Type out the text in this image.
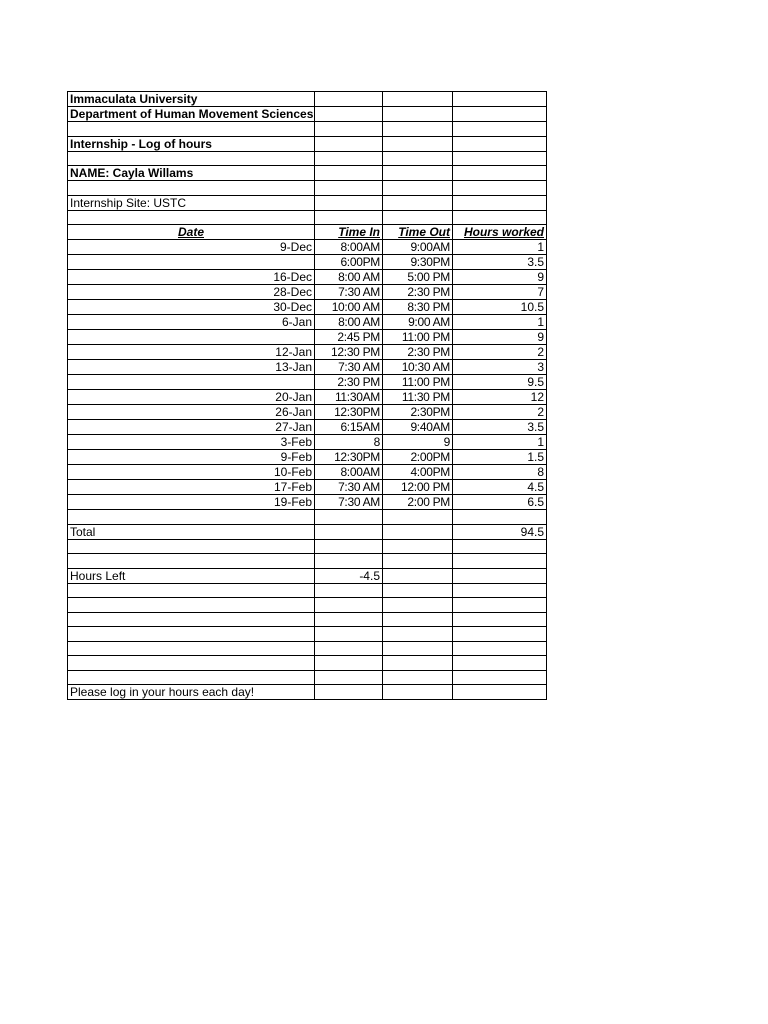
Immaculata University			
Department of Human Movement Sciences			

Internship - Log of hours			

NAME: Cayla Willams			

Internship Site: USTC			

Date	Time In	Time Out	Hours worked
9-Dec	8:00AM	9:00AM	1
	6:00PM	9:30PM	3.5
16-Dec	8:00 AM	5:00 PM	9
28-Dec	7:30 AM	2:30 PM	7
30-Dec	10:00 AM	8:30 PM	10.5
6-Jan	8:00 AM	9:00 AM	1
	2:45 PM	11:00 PM	9
12-Jan	12:30 PM	2:30 PM	2
13-Jan	7:30 AM	10:30 AM	3
	2:30 PM	11:00 PM	9.5
20-Jan	11:30AM	11:30 PM	12
26-Jan	12:30PM	2:30PM	2
27-Jan	6:15AM	9:40AM	3.5
3-Feb	8	9	1
9-Feb	12:30PM	2:00PM	1.5
10-Feb	8:00AM	4:00PM	8
17-Feb	7:30 AM	12:00 PM	4.5
19-Feb	7:30 AM	2:00 PM	6.5

Total			94.5

Hours Left	-4.5		

Please log in your hours each day!			
